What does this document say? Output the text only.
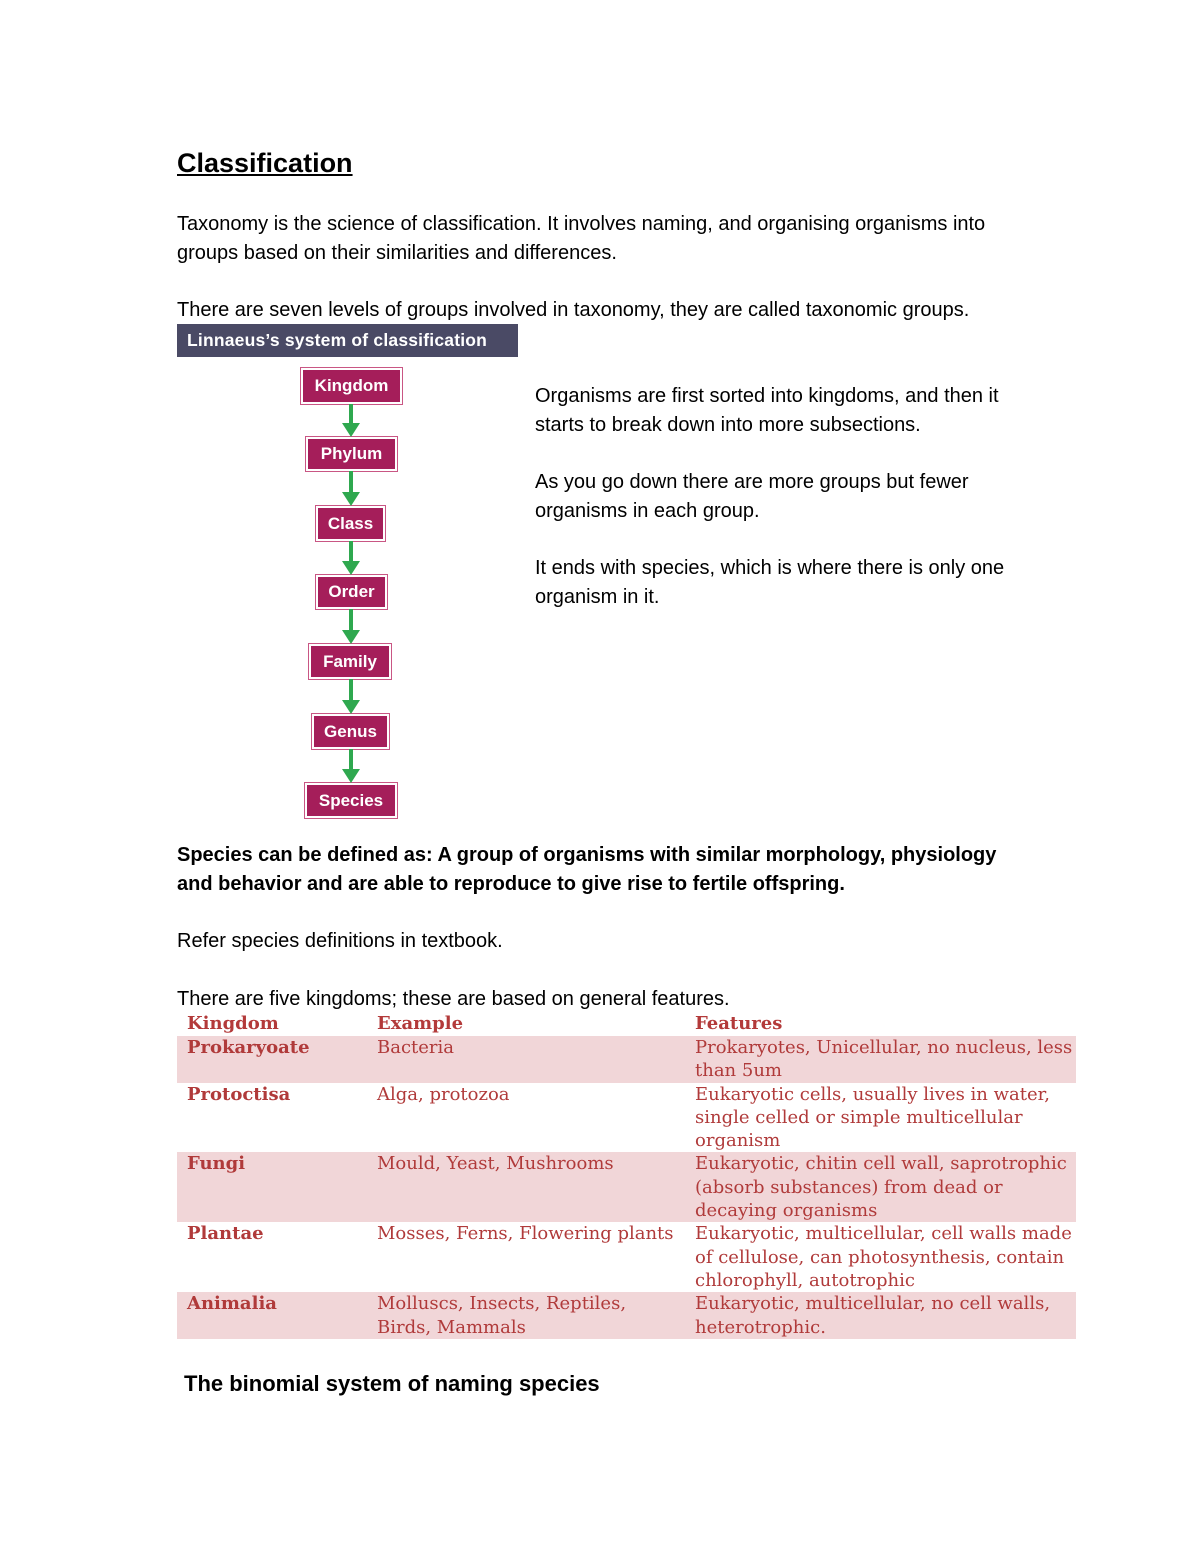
Classification

Taxonomy is the science of classification. It involves naming, and organising organisms into groups based on their similarities and differences.

There are seven levels of groups involved in taxonomy, they are called taxonomic groups.

Linnaeus’s system of classification
Kingdom
Phylum
Class
Order
Family
Genus
Species

Organisms are first sorted into kingdoms, and then it starts to break down into more subsections.

As you go down there are more groups but fewer organisms in each group.

It ends with species, which is where there is only one organism in it.

Species can be defined as: A group of organisms with similar morphology, physiology and behavior and are able to reproduce to give rise to fertile offspring.

Refer species definitions in textbook.

There are five kingdoms; these are based on general features.

Kingdom	Example	Features
Prokaryoate	Bacteria	Prokaryotes, Unicellular, no nucleus, less than 5um
Protoctisa	Alga, protozoa	Eukaryotic cells, usually lives in water, single celled or simple multicellular organism
Fungi	Mould, Yeast, Mushrooms	Eukaryotic, chitin cell wall, saprotrophic (absorb substances) from dead or decaying organisms
Plantae	Mosses, Ferns, Flowering plants	Eukaryotic, multicellular, cell walls made of cellulose, can photosynthesis, contain chlorophyll, autotrophic
Animalia	Molluscs, Insects, Reptiles, Birds, Mammals	Eukaryotic, multicellular, no cell walls, heterotrophic.
The binomial system of naming species
